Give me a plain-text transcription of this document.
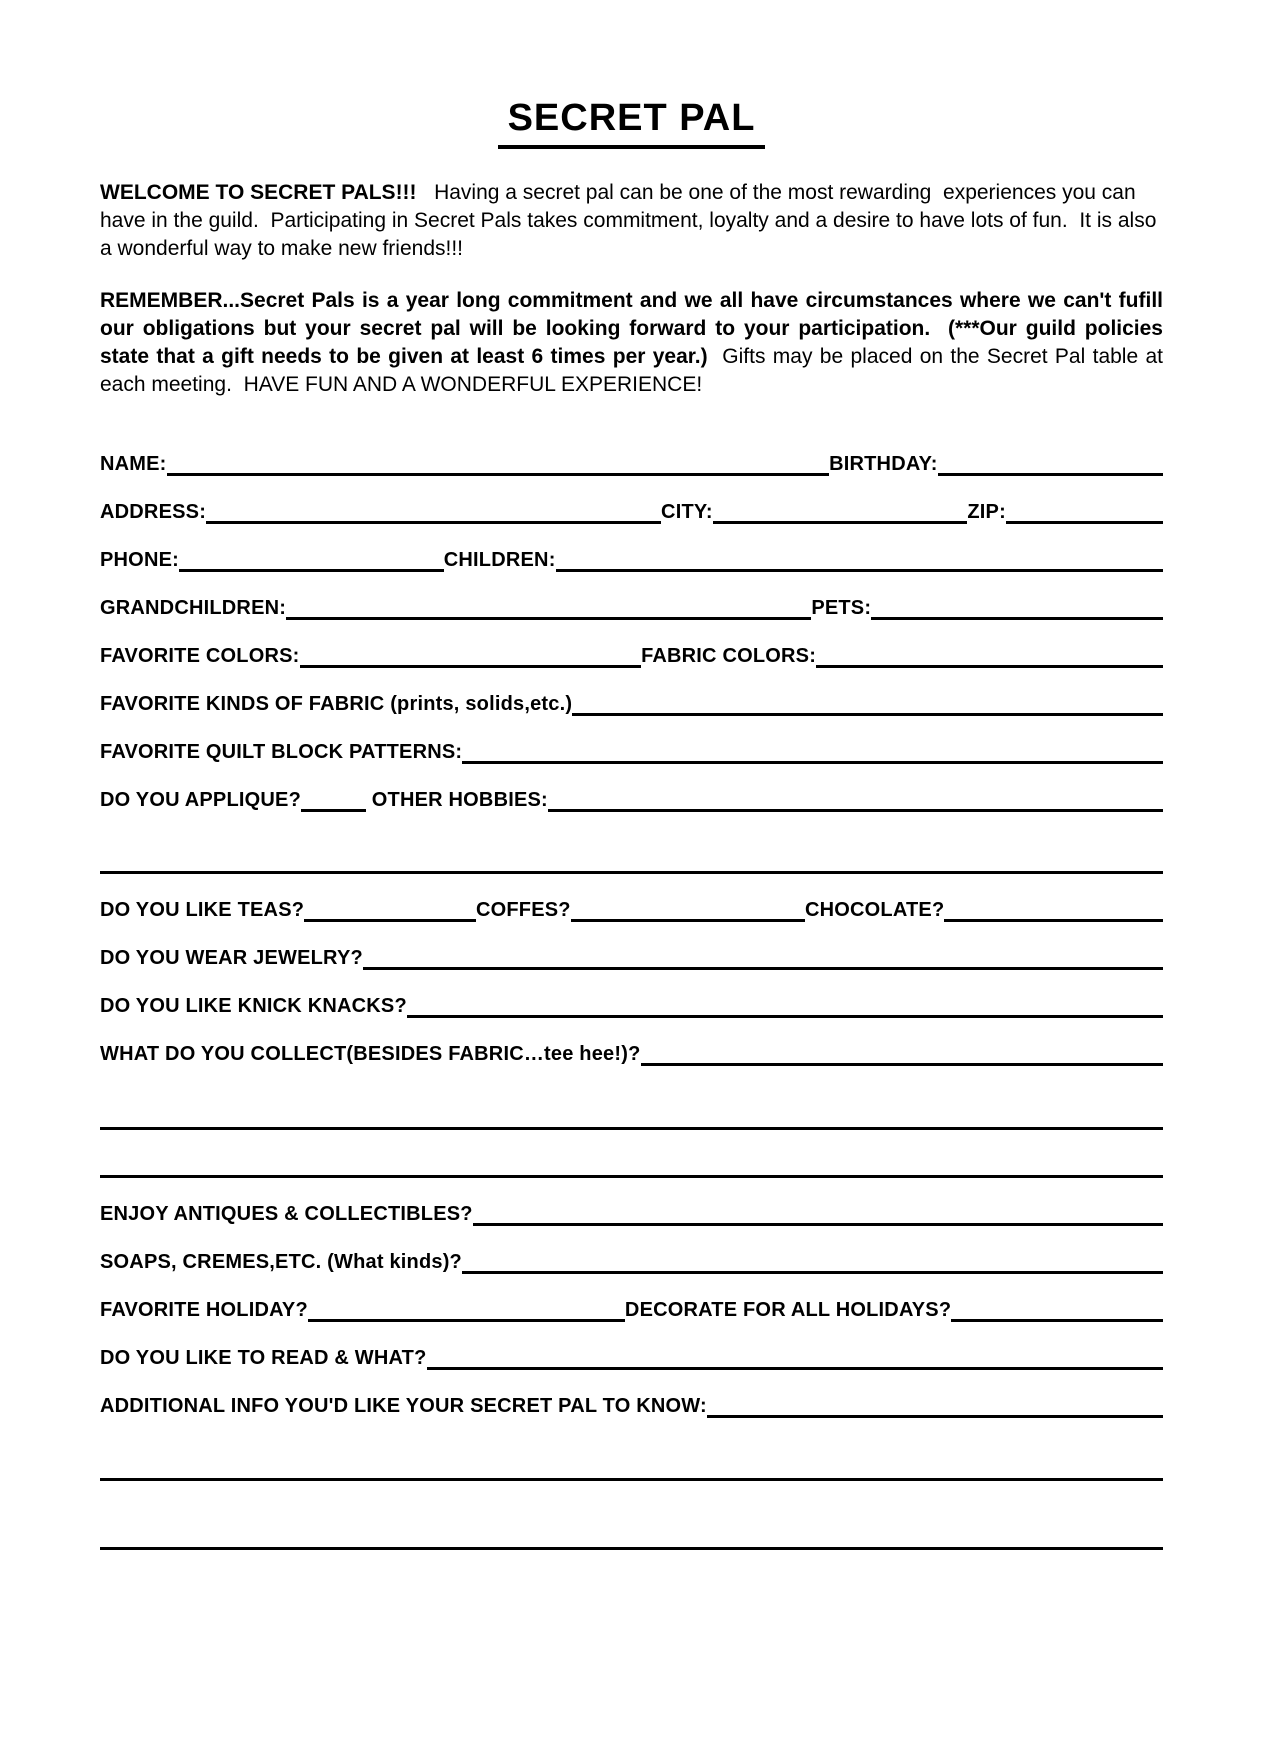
SECRET PAL

WELCOME TO SECRET PALS!!!   Having a secret pal can be one of the most rewarding  experiences you can have in the guild.  Participating in Secret Pals takes commitment, loyalty and a desire to have lots of fun.  It is also a wonderful way to make new friends!!!

REMEMBER...Secret Pals is a year long commitment and we all have circumstances where we can't fufill our obligations but your secret pal will be looking forward to your participation.  (***Our guild policies state that a gift needs to be given at least 6 times per year.)  Gifts may be placed on the Secret Pal table at each meeting.  HAVE FUN AND A WONDERFUL EXPERIENCE!

NAME:	BIRTHDAY:
ADDRESS:	CITY:	ZIP:
PHONE:	CHILDREN:
GRANDCHILDREN:	PETS:
FAVORITE COLORS:	FABRIC COLORS:
FAVORITE KINDS OF FABRIC (prints, solids,etc.)
FAVORITE QUILT BLOCK PATTERNS:
DO YOU APPLIQUE?	OTHER HOBBIES:
DO YOU LIKE TEAS?	COFFES?	CHOCOLATE?
DO YOU WEAR JEWELRY?
DO YOU LIKE KNICK KNACKS?
WHAT DO YOU COLLECT(BESIDES FABRIC…tee hee!)?
ENJOY ANTIQUES & COLLECTIBLES?
SOAPS, CREMES,ETC. (What kinds)?
FAVORITE HOLIDAY?	DECORATE FOR ALL HOLIDAYS?
DO YOU LIKE TO READ & WHAT?
ADDITIONAL INFO YOU'D LIKE YOUR SECRET PAL TO KNOW:
